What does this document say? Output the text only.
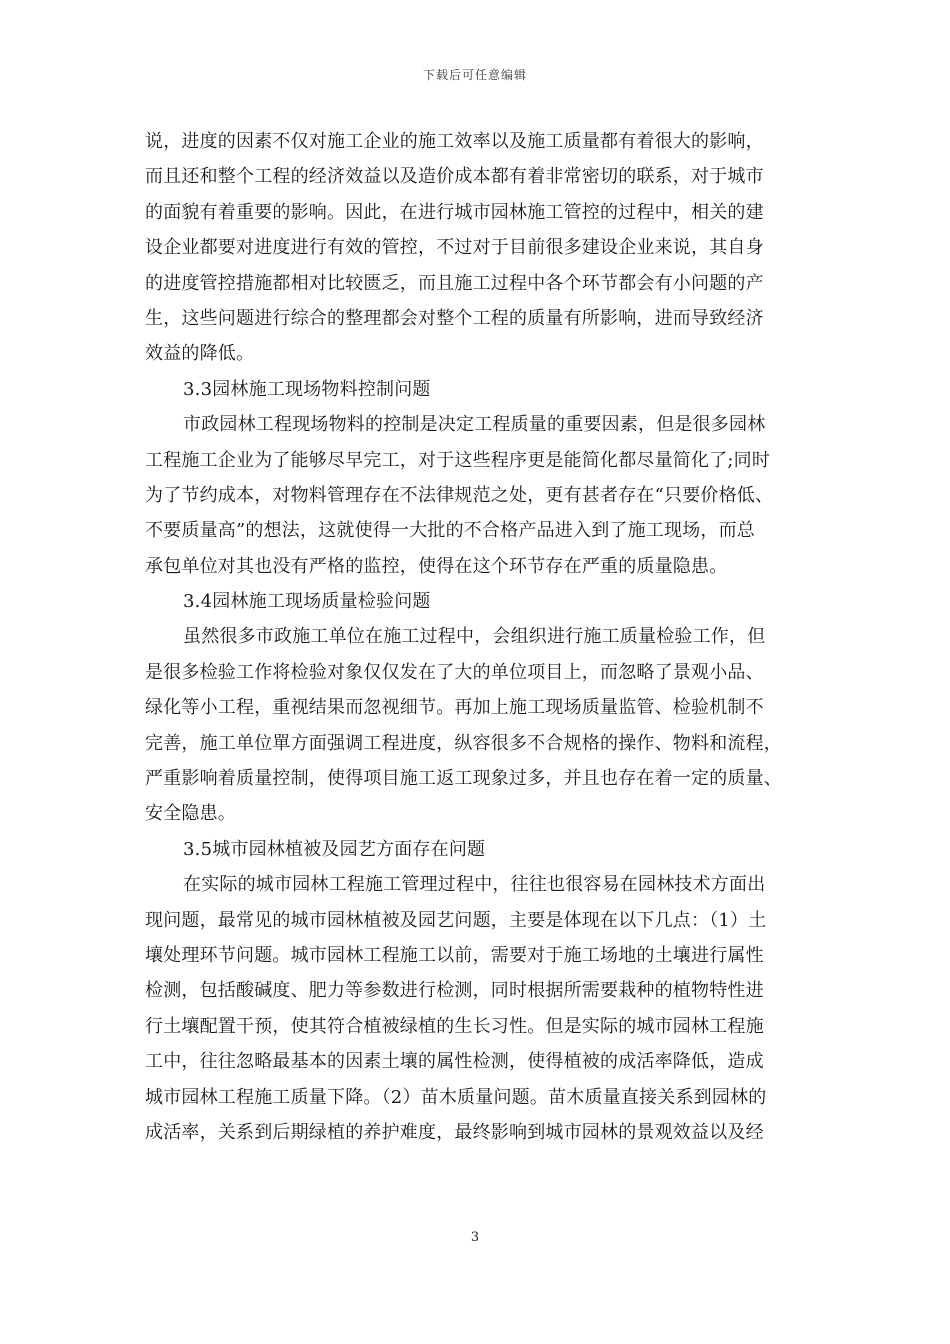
下载后可任意编辑
说，进度的因素不仅对施工企业的施工效率以及施工质量都有着很大的影响，
而且还和整个工程的经济效益以及造价成本都有着非常密切的联系，对于城市
的面貌有着重要的影响。因此，在进行城市园林施工管控的过程中，相关的建
设企业都要对进度进行有效的管控，不过对于目前很多建设企业来说，其自身
的进度管控措施都相对比较匮乏，而且施工过程中各个环节都会有小问题的产
生，这些问题进行综合的整理都会对整个工程的质量有所影响，进而导致经济
效益的降低。
3.3园林施工现场物料控制问题
市政园林工程现场物料的控制是决定工程质量的重要因素，但是很多园林
工程施工企业为了能够尽早完工，对于这些程序更是能简化都尽量简化了;同时
为了节约成本，对物料管理存在不法律规范之处，更有甚者存在“只要价格低、
不要质量高”的想法，这就使得一大批的不合格产品进入到了施工现场，而总
承包单位对其也没有严格的监控，使得在这个环节存在严重的质量隐患。
3.4园林施工现场质量检验问题
虽然很多市政施工单位在施工过程中，会组织进行施工质量检验工作，但
是很多检验工作将检验对象仅仅发在了大的单位项目上，而忽略了景观小品、
绿化等小工程，重视结果而忽视细节。再加上施工现场质量监管、检验机制不
完善，施工单位單方面强调工程进度，纵容很多不合规格的操作、物料和流程，
严重影响着质量控制，使得项目施工返工现象过多，并且也存在着一定的质量、
安全隐患。
3.5城市园林植被及园艺方面存在问题
在实际的城市园林工程施工管理过程中，往往也很容易在园林技术方面出
现问题，最常见的城市园林植被及园艺问题，主要是体现在以下几点：（1）土
壤处理环节问题。城市园林工程施工以前，需要对于施工场地的土壤进行属性
检测，包括酸碱度、肥力等参数进行检测，同时根据所需要栽种的植物特性进
行土壤配置干预，使其符合植被绿植的生长习性。但是实际的城市园林工程施
工中，往往忽略最基本的因素土壤的属性检测，使得植被的成活率降低，造成
城市园林工程施工质量下降。（2）苗木质量问题。苗木质量直接关系到园林的
成活率，关系到后期绿植的养护难度，最终影响到城市园林的景观效益以及经
3
